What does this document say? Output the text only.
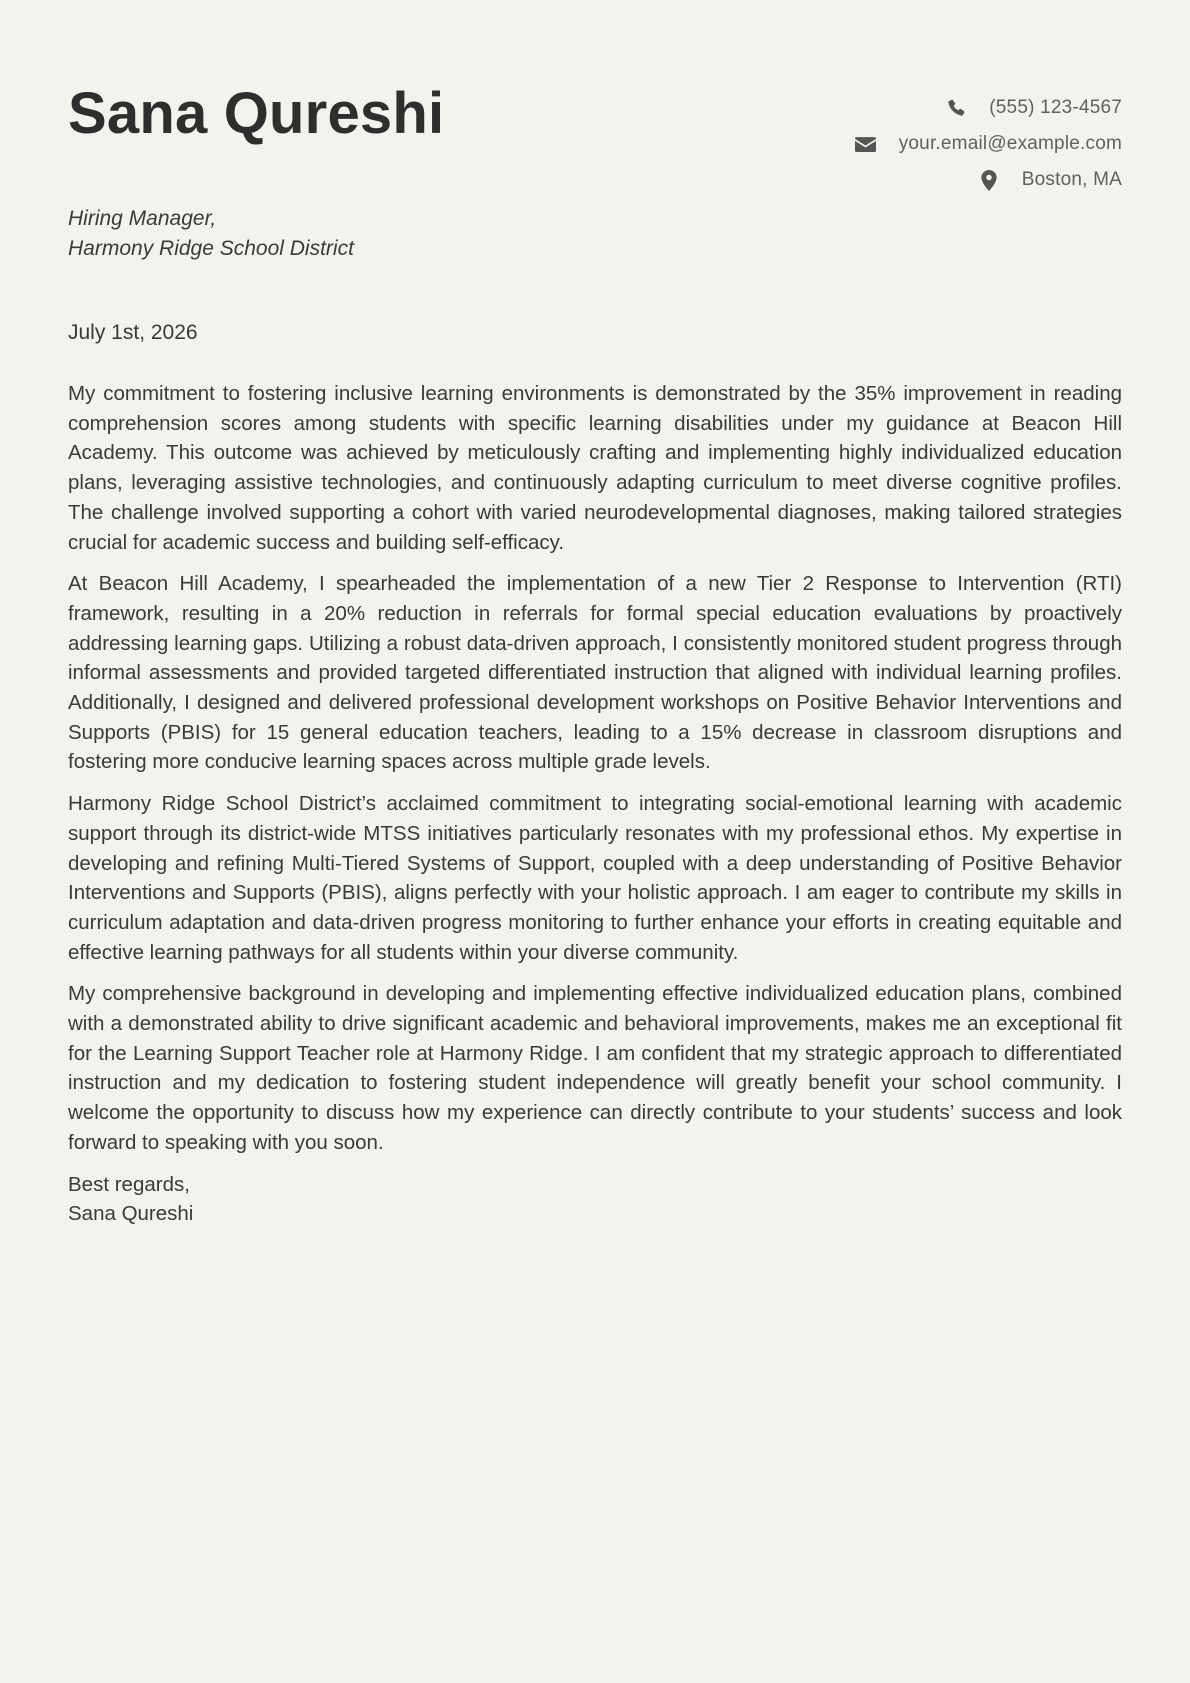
Sana Qureshi	(555) 123-4567
your.email@example.com
Boston, MA
Hiring Manager,
Harmony Ridge School District
July 1st, 2026

My commitment to fostering inclusive learning environments is demonstrated by the 35% improvement in reading comprehension scores among students with specific learning disabilities under my guidance at Beacon Hill Academy. This outcome was achieved by meticulously crafting and implementing highly individualized education plans, leveraging assistive technologies, and continuously adapting curriculum to meet diverse cognitive profiles. The challenge involved supporting a cohort with varied neurodevelopmental diagnoses, making tailored strategies crucial for academic success and building self-efficacy.

At Beacon Hill Academy, I spearheaded the implementation of a new Tier 2 Response to Intervention (RTI) framework, resulting in a 20% reduction in referrals for formal special education evaluations by proactively addressing learning gaps. Utilizing a robust data-driven approach, I consistently monitored student progress through informal assessments and provided targeted differentiated instruction that aligned with individual learning profiles. Additionally, I designed and delivered professional development workshops on Positive Behavior Interventions and Supports (PBIS) for 15 general education teachers, leading to a 15% decrease in classroom disruptions and fostering more conducive learning spaces across multiple grade levels.

Harmony Ridge School District’s acclaimed commitment to integrating social-emotional learning with academic support through its district-wide MTSS initiatives particularly resonates with my professional ethos. My expertise in developing and refining Multi-Tiered Systems of Support, coupled with a deep understanding of Positive Behavior Interventions and Supports (PBIS), aligns perfectly with your holistic approach. I am eager to contribute my skills in curriculum adaptation and data-driven progress monitoring to further enhance your efforts in creating equitable and effective learning pathways for all students within your diverse community.

My comprehensive background in developing and implementing effective individualized education plans, combined with a demonstrated ability to drive significant academic and behavioral improvements, makes me an exceptional fit for the Learning Support Teacher role at Harmony Ridge. I am confident that my strategic approach to differentiated instruction and my dedication to fostering student independence will greatly benefit your school community. I welcome the opportunity to discuss how my experience can directly contribute to your students’ success and look forward to speaking with you soon.

Best regards,
Sana Qureshi
